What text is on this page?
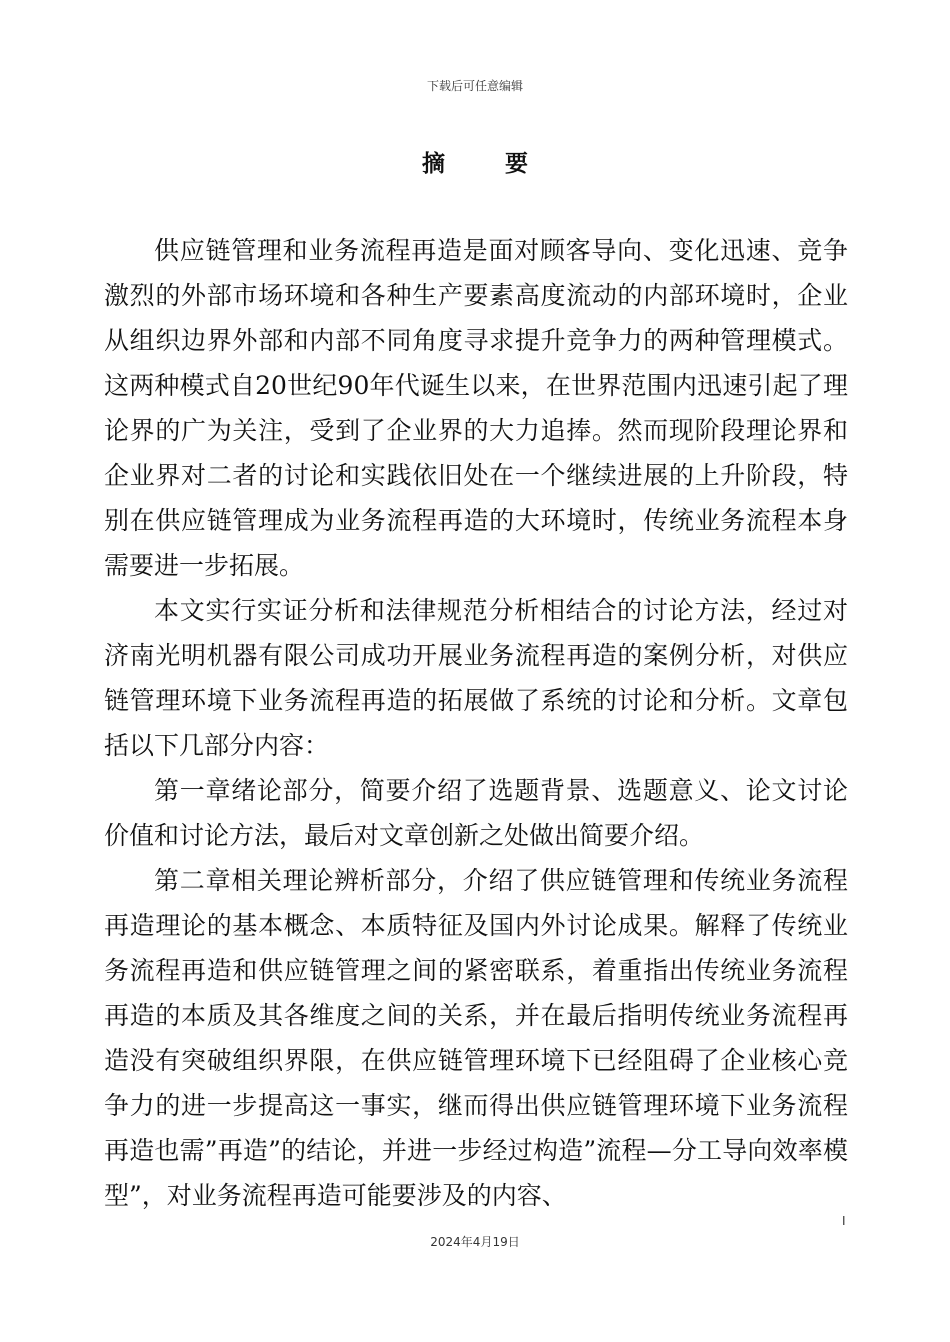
下载后可任意编辑
摘 要

供应链管理和业务流程再造是面对顾客导向、变化迅速、竞争激烈的外部市场环境和各种生产要素高度流动的内部环境时，企业从组织边界外部和内部不同角度寻求提升竞争力的两种管理模式。这两种模式自20世纪90年代诞生以来，在世界范围内迅速引起了理论界的广为关注，受到了企业界的大力追捧。然而现阶段理论界和企业界对二者的讨论和实践依旧处在一个继续进展的上升阶段，特别在供应链管理成为业务流程再造的大环境时，传统业务流程本身需要进一步拓展。

本文实行实证分析和法律规范分析相结合的讨论方法，经过对济南光明机器有限公司成功开展业务流程再造的案例分析，对供应链管理环境下业务流程再造的拓展做了系统的讨论和分析。文章包括以下几部分内容：

第一章绪论部分，简要介绍了选题背景、选题意义、论文讨论价值和讨论方法，最后对文章创新之处做出简要介绍。

第二章相关理论辨析部分，介绍了供应链管理和传统业务流程再造理论的基本概念、本质特征及国内外讨论成果。解释了传统业务流程再造和供应链管理之间的紧密联系，着重指出传统业务流程再造的本质及其各维度之间的关系，并在最后指明传统业务流程再造没有突破组织界限，在供应链管理环境下已经阻碍了企业核心竞争力的进一步提高这一事实，继而得出供应链管理环境下业务流程再造也需”再造”的结论，并进一步经过构造”流程—分工导向效率模型”，对业务流程再造可能要涉及的内容、

I
2024年4月19日
